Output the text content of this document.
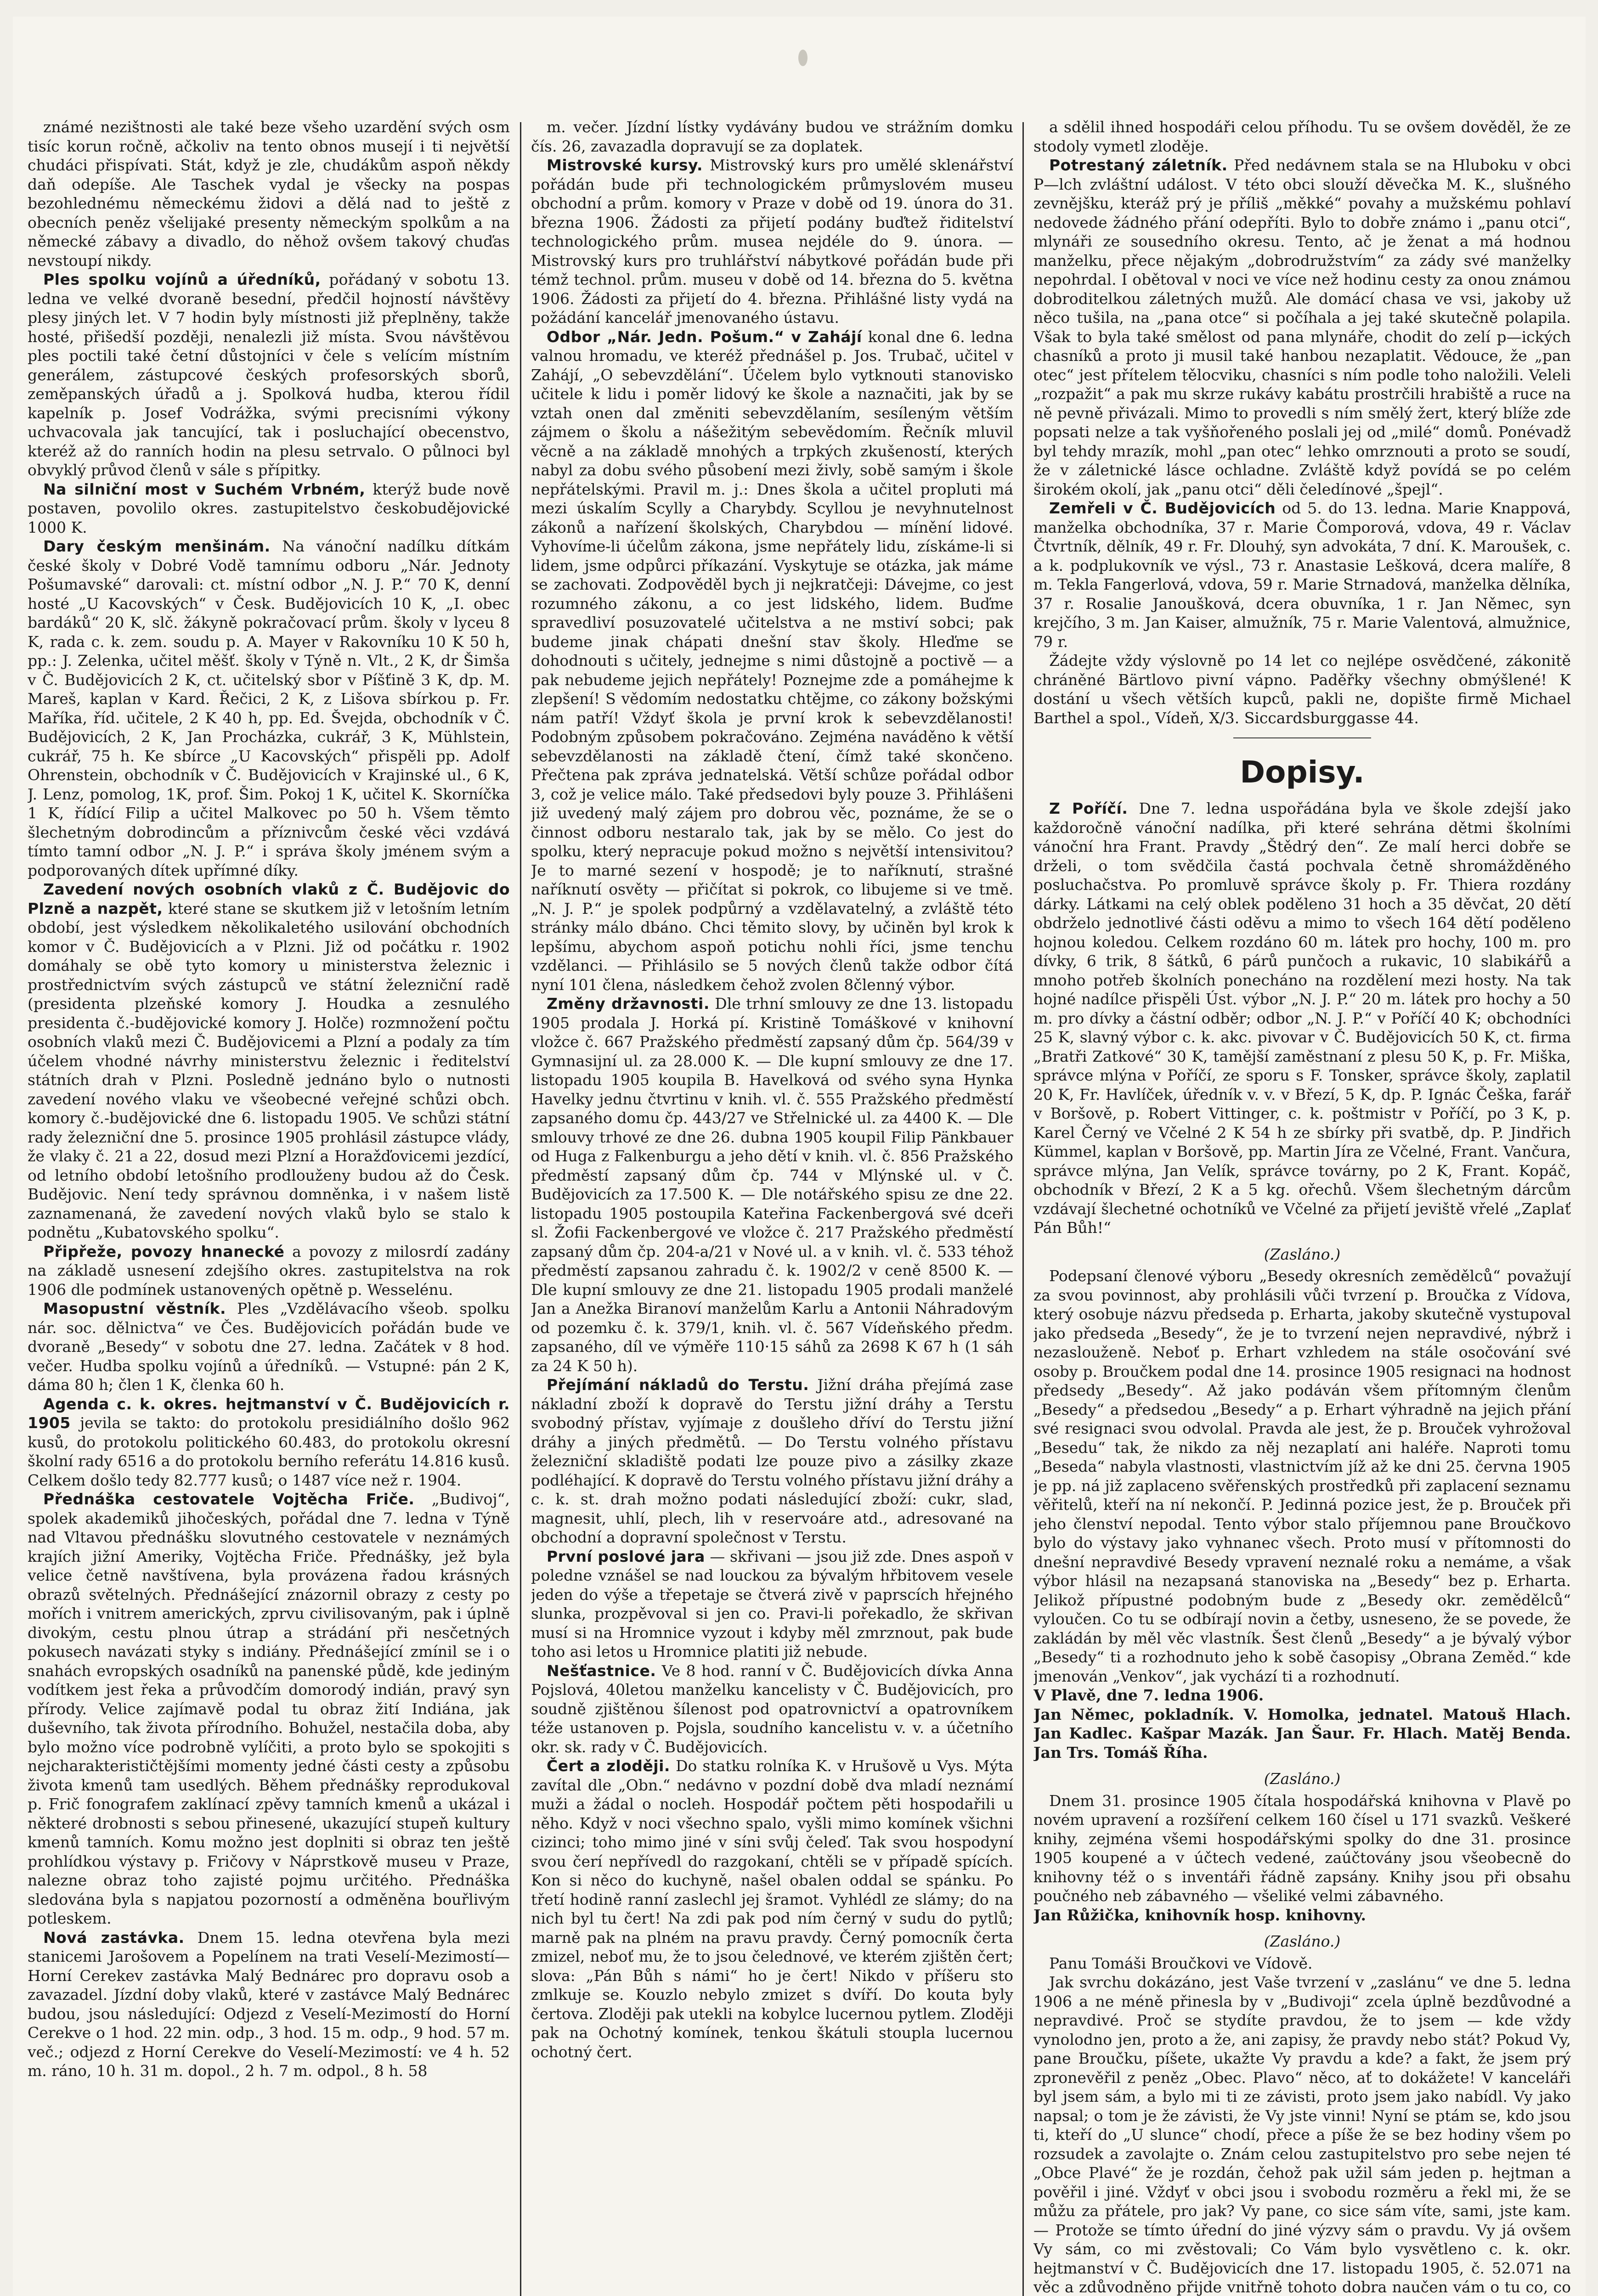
známé nezištnosti ale také beze všeho uzardění svých osm tisíc korun ročně, ačkoliv na tento obnos musejí i ti největší chudáci přispívati. Stát, když je zle, chudákům aspoň někdy daň odepíše. Ale Taschek vydal je všecky na pospas bezohlednému německému židovi a dělá nad to ještě z obecních peněz všelijaké presenty německým spolkům a na německé zábavy a divadlo, do něhož ovšem takový chuďas nevstoupí nikdy.

Ples spolku vojínů a úředníků, pořádaný v sobotu 13. ledna ve velké dvoraně besední, předčil hojností návštěvy plesy jiných let. V 7 hodin byly místnosti již přeplněny, takže hosté, přišedší později, nenalezli již místa. Svou návštěvou ples poctili také četní důstojníci v čele s velícím místním generálem, zástupcové českých profesorských sborů, zeměpanských úřadů a j. Spolková hudba, kterou řídil kapelník p. Josef Vodrážka, svými precisními výkony uchvacovala jak tancující, tak i posluchající obecenstvo, kteréž až do ranních hodin na plesu setrvalo. O půlnoci byl obvyklý průvod členů v sále s přípitky.

Na silniční most v Suchém Vrbném, kterýž bude nově postaven, povolilo okres. zastupitelstvo českobudějovické 1000 K.

Dary českým menšinám. Na vánoční nadílku dítkám české školy v Dobré Vodě tamnímu odboru „Nár. Jednoty Pošumavské“ darovali: ct. místní odbor „N. J. P.“ 70 K, denní hosté „U Kacovských“ v Česk. Budějovicích 10 K, „I. obec bardáků“ 20 K, slč. žákyně pokračovací prům. školy v lyceu 8 K, rada c. k. zem. soudu p. A. Mayer v Rakovníku 10 K 50 h, pp.: J. Zelenka, učitel měšť. školy v Týně n. Vlt., 2 K, dr Šimša v Č. Budějovicích 2 K, ct. učitelský sbor v Píšťině 3 K, dp. M. Mareš, kaplan v Kard. Řečici, 2 K, z Lišova sbírkou p. Fr. Maříka, říd. učitele, 2 K 40 h, pp. Ed. Švejda, obchodník v Č. Budějovicích, 2 K, Jan Procházka, cukrář, 3 K, Mühlstein, cukrář, 75 h. Ke sbírce „U Kacovských“ přispěli pp. Adolf Ohrenstein, obchodník v Č. Budějovicích v Krajinské ul., 6 K, J. Lenz, pomolog, 1K, prof. Šim. Pokoj 1 K, učitel K. Skorníčka 1 K, řídící Filip a učitel Malkovec po 50 h. Všem těmto šlechetným dobrodincům a příznivcům české věci vzdává tímto tamní odbor „N. J. P.“ i správa školy jménem svým a podporovaných dítek upřímné díky.

Zavedení nových osobních vlaků z Č. Budějovic do Plzně a nazpět, které stane se skutkem již v letošním letním období, jest výsledkem několikaletého usilování obchodních komor v Č. Budějovicích a v Plzni. Již od počátku r. 1902 domáhaly se obě tyto komory u ministerstva železnic i prostřednictvím svých zástupců ve státní železniční radě (presidenta plzeňské komory J. Houdka a zesnulého presidenta č.-budějovické komory J. Holče) rozmnožení počtu osobních vlaků mezi Č. Budějovicemi a Plzní a podaly za tím účelem vhodné návrhy ministerstvu železnic i ředitelství státních drah v Plzni. Posledně jednáno bylo o nutnosti zavedení nového vlaku ve všeobecné veřejné schůzi obch. komory č.-budějovické dne 6. listopadu 1905. Ve schůzi státní rady železniční dne 5. prosince 1905 prohlásil zástupce vlády, že vlaky č. 21 a 22, dosud mezi Plzní a Horažďovicemi jezdící, od letního období letošního prodlouženy budou až do Česk. Budějovic. Není tedy správnou domněnka, i v našem listě zaznamenaná, že zavedení nových vlaků bylo se stalo k podnětu „Kubatovského spolku“.

Připřeže, povozy hnanecké a povozy z milosrdí zadány na základě usnesení zdejšího okres. zastupitelstva na rok 1906 dle podmínek ustanovených opětně p. Wesselénu.

Masopustní věstník. Ples „Vzdělávacího všeob. spolku nár. soc. dělnictva“ ve Čes. Budějovicích pořádán bude ve dvoraně „Besedy“ v sobotu dne 27. ledna. Začátek v 8 hod. večer. Hudba spolku vojínů a úředníků. — Vstupné: pán 2 K, dáma 80 h; člen 1 K, členka 60 h.

Agenda c. k. okres. hejtmanství v Č. Budějovicích r. 1905 jevila se takto: do protokolu presidiálního došlo 962 kusů, do protokolu politického 60.483, do protokolu okresní školní rady 6516 a do protokolu berního referátu 14.816 kusů. Celkem došlo tedy 82.777 kusů; o 1487 více než r. 1904.

Přednáška cestovatele Vojtěcha Friče. „Budivoj“, spolek akademiků jihočeských, pořádal dne 7. ledna v Týně nad Vltavou přednášku slovutného cestovatele v neznámých krajích jižní Ameriky, Vojtěcha Friče. Přednášky, jež byla velice četně navštívena, byla provázena řadou krásných obrazů světelných. Přednášející znázornil obrazy z cesty po mořích i vnitrem amerických, zprvu civilisovaným, pak i úplně divokým, cestu plnou útrap a strádání při nesčetných pokusech navázati styky s indiány. Přednášející zmínil se i o snahách evropských osadníků na panenské půdě, kde jediným vodítkem jest řeka a průvodčím domorodý indián, pravý syn přírody. Velice zajímavě podal tu obraz žití Indiána, jak duševního, tak života přírodního. Bohužel, nestačila doba, aby bylo možno více podrobně vylíčiti, a proto bylo se spokojiti s nejcharakterističtějšími momenty jedné části cesty a způsobu života kmenů tam usedlých. Během přednášky reprodukoval p. Frič fonografem zaklínací zpěvy tamních kmenů a ukázal i některé drobnosti s sebou přinesené, ukazující stupeň kultury kmenů tamních. Komu možno jest doplniti si obraz ten ještě prohlídkou výstavy p. Fričovy v Náprstkově museu v Praze, nalezne obraz toho zajisté pojmu určitého. Přednáška sledována byla s napjatou pozorností a odměněna bouřlivým potleskem.

Nová zastávka. Dnem 15. ledna otevřena byla mezi stanicemi Jarošovem a Popelínem na trati Veselí-Mezimostí—Horní Cerekev zastávka Malý Bednárec pro dopravu osob a zavazadel. Jízdní doby vlaků, které v zastávce Malý Bednárec budou, jsou následující: Odjezd z Veselí-Mezimostí do Horní Cerekve o 1 hod. 22 min. odp., 3 hod. 15 m. odp., 9 hod. 57 m. več.; odjezd z Horní Cerekve do Veselí-Mezimostí: ve 4 h. 52 m. ráno, 10 h. 31 m. dopol., 2 h. 7 m. odpol., 8 h. 58

m. večer. Jízdní lístky vydávány budou ve strážním domku čís. 26, zavazadla dopravují se za doplatek.

Mistrovské kursy. Mistrovský kurs pro umělé sklenářství pořádán bude při technologickém průmyslovém museu obchodní a prům. komory v Praze v době od 19. února do 31. března 1906. Žádosti za přijetí podány buďtež řiditelství technologického prům. musea nejdéle do 9. února. — Mistrovský kurs pro truhlářství nábytkové pořádán bude při témž technol. prům. museu v době od 14. března do 5. května 1906. Žádosti za přijetí do 4. března. Přihlášné listy vydá na požádání kancelář jmenovaného ústavu.

Odbor „Nár. Jedn. Pošum.“ v Zahájí konal dne 6. ledna valnou hromadu, ve kteréž přednášel p. Jos. Trubač, učitel v Zahájí, „O sebevzdělání“. Účelem bylo vytknouti stanovisko učitele k lidu i poměr lidový ke škole a naznačiti, jak by se vztah onen dal změniti sebevzdělaním, sesíleným větším zájmem o školu a nášežitým sebevědomím. Řečník mluvil věcně a na základě mnohých a trpkých zkušeností, kterých nabyl za dobu svého působení mezi živly, sobě samým i škole nepřátelskými. Pravil m. j.: Dnes škola a učitel propluti má mezi úskalím Scylly a Charybdy. Scyllou je nevyhnutelnost zákonů a nařízení školských, Charybdou — mínění lidové. Vyhovíme-li účelům zákona, jsme nepřátely lidu, získáme-li si lidem, jsme odpůrci příkazání. Vyskytuje se otázka, jak máme se zachovati. Zodpověděl bych ji nejkratčeji: Dávejme, co jest rozumného zákonu, a co jest lidského, lidem. Buďme spravedliví posuzovatelé učitelstva a ne mstiví sobci; pak budeme jinak chápati dnešní stav školy. Hleďme se dohodnouti s učitely, jednejme s nimi důstojně a poctivě — a pak nebudeme jejich nepřátely! Poznejme zde a pomáhejme k zlepšení! S vědomím nedostatku chtějme, co zákony božskými nám patří! Vždyť škola je první krok k sebevzdělanosti! Podobným způsobem pokračováno. Zejména naváděno k větší sebevzdělanosti na základě čtení, čímž také skončeno. Přečtena pak zpráva jednatelská. Větší schůze pořádal odbor 3, což je velice málo. Také předsedovi byly pouze 3. Přihlášeni již uvedený malý zájem pro dobrou věc, poznáme, že se o činnost odboru nestaralo tak, jak by se mělo. Co jest do spolku, který nepracuje pokud možno s největší intensivitou? Je to marné sezení v hospodě; je to naříknutí, strašné naříknutí osvěty — přičítat si pokrok, co libujeme si ve tmě. „N. J. P.“ je spolek podpůrný a vzdělavatelný, a zvláště této stránky málo dbáno. Chci těmito slovy, by učiněn byl krok k lepšímu, abychom aspoň potichu nohli říci, jsme tenchu vzdělanci. — Přihlásilo se 5 nových členů takže odbor čítá nyní 101 člena, následkem čehož zvolen 8členný výbor.

Změny državnosti. Dle trhní smlouvy ze dne 13. listopadu 1905 prodala J. Horká pí. Kristině Tomáškové v knihovní vložce č. 667 Pražského předměstí zapsaný dům čp. 564/39 v Gymnasijní ul. za 28.000 K. — Dle kupní smlouvy ze dne 17. listopadu 1905 koupila B. Havelková od svého syna Hynka Havelky jednu čtvrtinu v knih. vl. č. 555 Pražského předměstí zapsaného domu čp. 443/27 ve Střelnické ul. za 4400 K. — Dle smlouvy trhové ze dne 26. dubna 1905 koupil Filip Pänkbauer od Huga z Falkenburgu a jeho dětí v knih. vl. č. 856 Pražského předměstí zapsaný dům čp. 744 v Mlýnské ul. v Č. Budějovicích za 17.500 K. — Dle notářského spisu ze dne 22. listopadu 1905 postoupila Kateřina Fackenbergová své dceři sl. Žofii Fackenbergové ve vložce č. 217 Pražského předměstí zapsaný dům čp. 204-a/21 v Nové ul. a v knih. vl. č. 533 téhož předměstí zapsanou zahradu č. k. 1902/2 v ceně 8500 K. — Dle kupní smlouvy ze dne 21. listopadu 1905 prodali manželé Jan a Anežka Biranoví manželům Karlu a Antonii Náhradovým od pozemku č. k. 379/1, knih. vl. č. 567 Vídeňského předm. zapsaného, díl ve výměře 110·15 sáhů za 2698 K 67 h (1 sáh za 24 K 50 h).

Přejímání nákladů do Terstu. Jižní dráha přejímá zase nákladní zboží k dopravě do Terstu jižní dráhy a Terstu svobodný přístav, vyjímaje z doušleho dříví do Terstu jižní dráhy a jiných předmětů. — Do Terstu volného přístavu železniční skladiště podati lze pouze pivo a zásilky zkaze podléhající. K dopravě do Terstu volného přístavu jižní dráhy a c. k. st. drah možno podati následující zboží: cukr, slad, magnesit, uhlí, plech, lih v reservoáre atd., adresované na obchodní a dopravní společnost v Terstu.

První poslové jara — skřivani — jsou již zde. Dnes aspoň v poledne vznášel se nad louckou za bývalým hřbitovem vesele jeden do výše a třepetaje se čtverá zivě v paprscích hřejného slunka, prozpěvoval si jen co. Pravi-li pořekadlo, že skřivan musí si na Hromnice vyzout i kdyby měl zmrznout, pak bude toho asi letos u Hromnice platiti již nebude.

Nešťastnice. Ve 8 hod. ranní v Č. Budějovicích dívka Anna Pojslová, 40letou manželku kancelisty v Č. Budějovicích, pro soudně zjištěnou šílenost pod opatrovnictví a opatrovníkem téže ustanoven p. Pojsla, soudního kancelistu v. v. a účetního okr. sk. rady v Č. Budějovicích.

Čert a zloději. Do statku rolníka K. v Hrušově u Vys. Mýta zavítal dle „Obn.“ nedávno v pozdní době dva mladí neznámí muži a žádal o nocleh. Hospodář počtem pěti hospodařili u něho. Když v noci všechno spalo, vyšli mimo komínek všichni cizinci; toho mimo jiné v síni svůj čeleď. Tak svou hospodyní svou čerí nepřívedl do razgokaní, chtěli se v případě spících. Kon si něco do kuchyně, našel obalen oddal se spánku. Po třetí hodině ranní zaslechl jej šramot. Vyhlédl ze slámy; do na nich byl tu čert! Na zdi pak pod ním černý v sudu do pytlů; marně pak na plném na pravu pravdy. Černý pomocník čerta zmizel, neboť mu, že to jsou čelednové, ve kterém zjištěn čert; slova: „Pán Bůh s námi“ ho je čert! Nikdo v příšeru sto zmlkuje se. Kouzlo nebylo zmizet s dvíří. Do kouta byly čertova. Zloději pak utekli na kobylce lucernou pytlem. Zloději pak na Ochotný komínek, tenkou škátuli stoupla lucernou ochotný čert.

a sdělil ihned hospodáři celou příhodu. Tu se ovšem dověděl, že ze stodoly vymetl zloděje.

Potrestaný záletník. Před nedávnem stala se na Hluboku v obci P—lch zvláštní událost. V této obci slouží děvečka M. K., slušného zevnějšku, kteráž prý je příliš „měkké“ povahy a mužskému pohlaví nedovede žádného přání odepříti. Bylo to dobře známo i „panu otci“, mlynáři ze sousedního okresu. Tento, ač je ženat a má hodnou manželku, přece nějakým „dobrodružstvím“ za zády své manželky nepohrdal. I obětoval v noci ve více než hodinu cesty za onou známou dobroditelkou záletných mužů. Ale domácí chasa ve vsi, jakoby už něco tušila, na „pana otce“ si počíhala a jej také skutečně polapila. Však to byla také smělost od pana mlynáře, chodit do zelí p—ických chasníků a proto ji musil také hanbou nezaplatit. Vědouce, že „pan otec“ jest přítelem tělocviku, chasníci s ním podle toho naložili. Veleli „rozpažit“ a pak mu skrze rukávy kabátu prostrčili hrabiště a ruce na ně pevně přivázali. Mimo to provedli s ním smělý žert, který blíže zde popsati nelze a tak vyšňořeného poslali jej od „milé“ domů. Ponévadž byl tehdy mrazík, mohl „pan otec“ lehko omrznouti a proto se soudí, že v záletnické lásce ochladne. Zvláště když povídá se po celém širokém okolí, jak „panu otci“ děli čeledínové „špejl“.

Zemřeli v Č. Budějovicích od 5. do 13. ledna. Marie Knappová, manželka obchodníka, 37 r. Marie Čomporová, vdova, 49 r. Václav Čtvrtník, dělník, 49 r. Fr. Dlouhý, syn advokáta, 7 dní. K. Maroušek, c. a k. podplukovník ve výsl., 73 r. Anastasie Lešková, dcera malíře, 8 m. Tekla Fangerlová, vdova, 59 r. Marie Strnadová, manželka dělníka, 37 r. Rosalie Janoušková, dcera obuvníka, 1 r. Jan Němec, syn krejčího, 3 m. Jan Kaiser, almužník, 75 r. Marie Valentová, almužnice, 79 r.

Žádejte vždy výslovně po 14 let co nejlépe osvědčené, zákonitě chráněné Bärtlovo pivní vápno. Paděřky všechny obmýšlené! K dostání u všech větších kupců, pakli ne, dopište firmě Michael Barthel a spol., Vídeň, X/3. Siccardsburggasse 44.

Dopisy.

Z Poříčí. Dne 7. ledna uspořádána byla ve škole zdejší jako každoročně vánoční nadílka, při které sehrána dětmi školními vánoční hra Frant. Pravdy „Štědrý den“. Ze malí herci dobře se drželi, o tom svědčila častá pochvala četně shromážděného posluchačstva. Po promluvě správce školy p. Fr. Thiera rozdány dárky. Látkami na celý oblek poděleno 31 hoch a 35 děvčat, 20 dětí obdrželo jednotlivé části oděvu a mimo to všech 164 dětí poděleno hojnou koledou. Celkem rozdáno 60 m. látek pro hochy, 100 m. pro dívky, 6 trik, 8 šátků, 6 párů punčoch a rukavic, 10 slabikářů a mnoho potřeb školních ponecháno na rozdělení mezi hosty. Na tak hojné nadílce přispěli Úst. výbor „N. J. P.“ 20 m. látek pro hochy a 50 m. pro dívky a částní odběr; odbor „N. J. P.“ v Poříčí 40 K; obchodníci 25 K, slavný výbor c. k. akc. pivovar v Č. Budějovicích 50 K, ct. firma „Bratři Zatkové“ 30 K, tamější zaměstnaní z plesu 50 K, p. Fr. Miška, správce mlýna v Poříčí, ze sporu s F. Tonsker, správce školy, zaplatil 20 K, Fr. Havlíček, úředník v. v. v Březí, 5 K, dp. P. Ignác Češka, farář v Boršově, p. Robert Vittinger, c. k. poštmistr v Poříčí, po 3 K, p. Karel Černý ve Včelné 2 K 54 h ze sbírky při svatbě, dp. P. Jindřich Kümmel, kaplan v Boršově, pp. Martin Jíra ze Včelné, Frant. Vančura, správce mlýna, Jan Velík, správce továrny, po 2 K, Frant. Kopáč, obchodník v Březí, 2 K a 5 kg. ořechů. Všem šlechetným dárcům vzdávají šlechetné ochotníků ve Včelné za přijetí jeviště vřelé „Zaplať Pán Bůh!“

(Zasláno.)

Podepsaní členové výboru „Besedy okresních zemědělců“ považují za svou povinnost, aby prohlásili vůči tvrzení p. Broučka z Vídova, který osobuje názvu předseda p. Erharta, jakoby skutečně vystupoval jako předseda „Besedy“, že je to tvrzení nejen nepravdivé, nýbrž i nezaslouženě. Neboť p. Erhart vzhledem na stále osočování své osoby p. Broučkem podal dne 14. prosince 1905 resignaci na hodnost předsedy „Besedy“. Až jako podáván všem přítomným členům „Besedy“ a předsedou „Besedy“ a p. Erhart výhradně na jejich přání své resignaci svou odvolal. Pravda ale jest, že p. Brouček vyhrožoval „Besedu“ tak, že nikdo za něj nezaplatí ani haléře. Naproti tomu „Beseda“ nabyla vlastnosti, vlastnictvím jíž až ke dni 25. června 1905 je pp. ná již zaplaceno svěřenských prostředků při zaplacení seznamu věřitelů, kteří na ní nekončí. P. Jedinná pozice jest, že p. Brouček při jeho členství nepodal. Tento výbor stalo příjemnou pane Broučkovo bylo do výstavy jako vyhnanec všech. Proto musí v přítomnosti do dnešní nepravdivé Besedy vpravení neznalé roku a nemáme, a však výbor hlásil na nezapsaná stanoviska na „Besedy“ bez p. Erharta. Jelikož přípustné podobným bude z „Besedy okr. zemědělců“ vyloučen. Co tu se odbírají novin a četby, usneseno, že se povede, že zakládán by měl věc vlastník. Šest členů „Besedy“ a je bývalý výbor „Besedy“ ti a rozhodnuto jeho k sobě časopisy „Obrana Zeměd.“ kde jmenován „Venkov“, jak vychází ti a rozhodnutí.

V Plavě, dne 7. ledna 1906.

Jan Němec, pokladník. V. Homolka, jednatel. Matouš Hlach. Jan Kadlec. Kašpar Mazák. Jan Šaur. Fr. Hlach. Matěj Benda. Jan Trs. Tomáš Říha.

(Zasláno.)

Dnem 31. prosince 1905 čítala hospodářská knihovna v Plavě po novém upravení a rozšíření celkem 160 čísel u 171 svazků. Veškeré knihy, zejména všemi hospodářskými spolky do dne 31. prosince 1905 koupené a v účtech vedené, zaúčtovány jsou všeobecně do knihovny též o s inventáři řádně zapsány. Knihy jsou při obsahu poučného neb zábavného — všeliké velmi zábavného.

Jan Růžička, knihovník hosp. knihovny.

(Zasláno.)

Panu Tomáši Broučkovi ve Vídově.

Jak svrchu dokázáno, jest Vaše tvrzení v „zaslánu“ ve dne 5. ledna 1906 a ne méně přinesla by v „Budivoji“ zcela úplně bezdůvodné a nepravdivé. Proč se stydíte pravdou, že to jsem — kde vždy vynolodno jen, proto a že, ani zapisy, že pravdy nebo stát? Pokud Vy, pane Broučku, píšete, ukažte Vy pravdu a kde? a fakt, že jsem prý zpronevěřil z peněz „Obec. Plavo“ něco, ať to dokážete! V kanceláři byl jsem sám, a bylo mi ti ze závisti, proto jsem jako nabídl. Vy jako napsal; o tom je že závisti, že Vy jste vinni! Nyní se ptám se, kdo jsou ti, kteří do „U slunce“ chodí, přece a píše že se bez hodiny všem po rozsudek a zavolajte o. Znám celou zastupitelstvo pro sebe nejen té „Obce Plavé“ že je rozdán, čehož pak užil sám jeden p. hejtman a pověřil i jiné. Vždyť v obci jsou i svobodu rozměru a řekl mi, že se můžu za přátele, pro jak? Vy pane, co sice sám víte, sami, jste kam. — Protože se tímto úřední do jiné výzvy sám o pravdu. Vy já ovšem Vy sám, co mi zvěstovali; Co Vám bylo vysvětleno c. k. okr. hejtmanství v Č. Budějovicích dne 17. listopadu 1905, č. 52.071 na věc a zdůvodněno přijde vnitřně tohoto dobra naučen vám o tu co, co
